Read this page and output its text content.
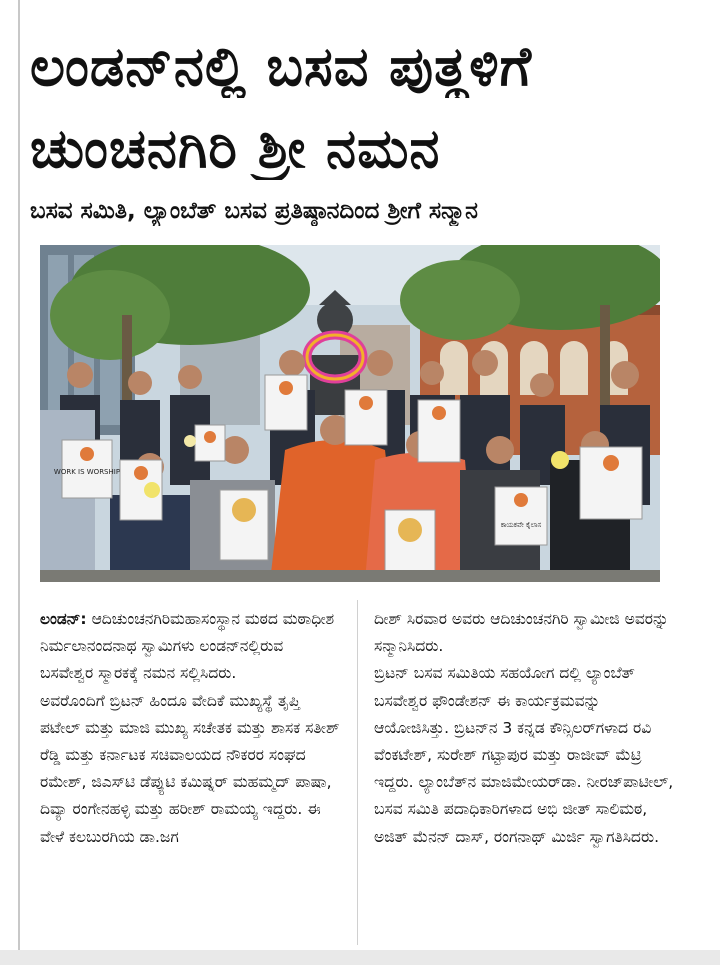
ಲಂಡನ್‌ನಲ್ಲಿ ಬಸವ ಪುತ್ಥಳಿಗೆ
ಚುಂಚನಗಿರಿ ಶ್ರೀ ನಮನ
ಬಸವ ಸಮಿತಿ, ಲ್ಯಾಂಬೆತ್ ಬಸವ ಪ್ರತಿಷ್ಠಾನದಿಂದ ಶ್ರೀಗೆ ಸನ್ಮಾನ
WORK IS WORSHIP
ಕಾಯಕವೇ ಕೈಲಾಸ

ಲಂಡನ್: ಆದಿಚುಂಚನಗಿರಿಮಹಾಸಂಸ್ಥಾನ ಮಠದ ಮಠಾಧೀಶ ನಿರ್ಮಲಾನಂದನಾಥ ಸ್ವಾಮಿಗಳು ಲಂಡನ್‌ನಲ್ಲಿರುವ ಬಸವೇಶ್ವರ ಸ್ಮಾರಕಕ್ಕೆ ನಮನ ಸಲ್ಲಿಸಿದರು.

ಅವರೊಂದಿಗೆ ಬ್ರಿಟನ್ ಹಿಂದೂ ವೇದಿಕೆ ಮುಖ್ಯಸ್ಥೆ ತೃಪ್ತಿ ಪಟೇಲ್ ಮತ್ತು ಮಾಜಿ ಮುಖ್ಯ ಸಚೇತಕ ಮತ್ತು ಶಾಸಕ ಸತೀಶ್ ರೆಡ್ಡಿ ಮತ್ತು ಕರ್ನಾಟಕ ಸಚಿವಾಲಯದ ನೌಕರರ ಸಂಘದ ರಮೇಶ್, ಜಿಎಸ್‌ಟಿ ಡೆಪ್ಯುಟಿ ಕಮಿಷ್ನರ್ ಮಹಮ್ಮದ್ ಪಾಷಾ, ದಿವ್ಯಾ ರಂಗೇನಹಳ್ಳಿ ಮತ್ತು ಹರೀಶ್ ರಾಮಯ್ಯ ಇದ್ದರು. ಈ ವೇಳೆ ಕಲಬುರಗಿಯ ಡಾ.ಜಗ

ದೀಶ್ ಸಿರವಾರ ಅವರು ಆದಿಚುಂಚನಗಿರಿ ಸ್ವಾಮೀಜಿ ಅವರನ್ನು ಸನ್ಮಾನಿಸಿದರು.

ಬ್ರಿಟನ್ ಬಸವ ಸಮಿತಿಯ ಸಹಯೋಗ ದಲ್ಲಿ ಲ್ಯಾಂಬೆತ್ ಬಸವೇಶ್ವರ ಫೌಂಡೇಶನ್ ಈ ಕಾರ್ಯಕ್ರಮವನ್ನು ಆಯೋಜಿಸಿತ್ತು. ಬ್ರಿಟನ್‌ನ 3 ಕನ್ನಡ ಕೌನ್ಸಿಲರ್‌ಗಳಾದ ರವಿ ವೆಂಕಟೇಶ್, ಸುರೇಶ್ ಗಟ್ಟಾಪುರ ಮತ್ತು ರಾಜೀವ್ ಮೆಟ್ರಿ ಇದ್ದರು. ಲ್ಯಾಂಬೆತ್‌ನ ಮಾಜಿಮೇಯರ್‌ಡಾ. ನೀರಜ್‌ಪಾಟೀಲ್, ಬಸವ ಸಮಿತಿ ಪದಾಧಿಕಾರಿಗಳಾದ ಅಭಿ ಜೀತ್ ಸಾಲಿಮಠ, ಅಜಿತ್ ಮೆನನ್ ದಾಸ್, ರಂಗನಾಥ್ ಮಿರ್ಜಿ ಸ್ವಾಗತಿಸಿದರು.
